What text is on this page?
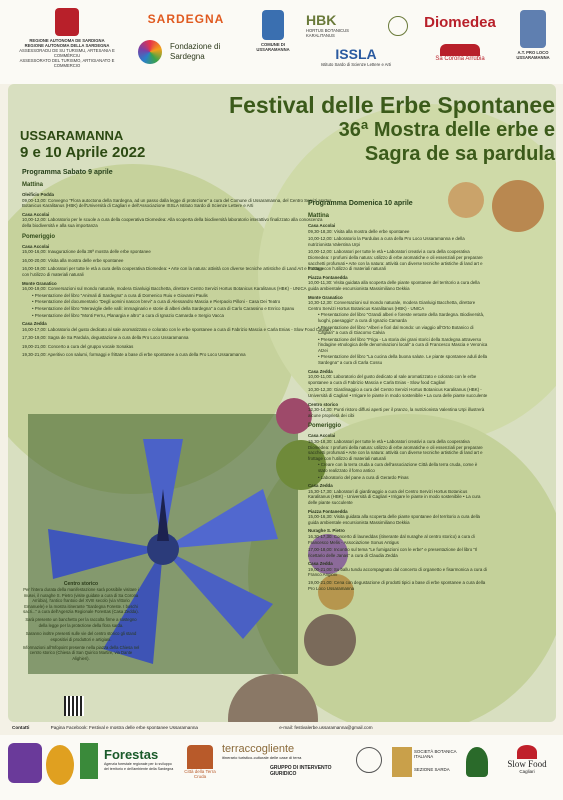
REGIONE AUTONOMA DE SARDIGNA
REGIONE AUTONOMA DELLA SARDEGNA
ASSESSORADU DE SU TURISMU, ARTESANIA E COMMÈRCIU
ASSESSORATO DEL TURISMO, ARTIGIANATO E COMMERCIO
SARDEGNA
Fondazione di Sardegna
COMUNE DI USSARAMANNA
HBK
HORTUS BOTANICUS KARALITANUS
ISSLA
Istituto Sardo di Scienze Lettere e Arti
Diomedea
Sa Corona Arrùbia
A.T. PRO LOCO USSARAMANNA
Festival delle Erbe Spontanee
36ª Mostra delle erbe e
Sagra de sa pardula
USSARAMANNA
9 e 10 Aprile 2022
Programma Sabato 9 aprile
Mattina
Oleificio Podda
09,00-13,00: Convegno "Flora autoctona della Sardegna, ad un passo dalla legge di protezione" a cura del Comune di Ussaramanna, del Centro Servizi Hortus Botanicus Karalitanus (HBK) dell'Università di Cagliari e dell'Associazione ISSLA Istituto Sardo di Scienze Lettere e Arti
Casa Accolai
10,00-12,00: Laboratorio per le scuole a cura della cooperativa Diomedea: Alla scoperta della biodiversità laboratorio interattivo finalizzato alla conoscenza della biodiversità e alla sua importanza
Pomeriggio
Casa Accolai
15,00-16,00: Inaugurazione della 36ª mostra delle erbe spontanee
16,00-20,00: Visita alla mostra delle erbe spontanee
16,00-19,00: Laboratori per tutte le età a cura della cooperativa Diomedea: • Arte con la natura: attività con diverse tecniche artistiche di Land Art e Frottage con l'utilizzo di materiali naturali
Monte Granatico
16,00-19,00: Conversazioni sul mondo naturale, modera Gianluigi Bacchetta, direttore Centro Servizi Hortus Botanicus Karalitanus (HBK) - UNICA
• Presentazione del libro "Animali di Sardegna" a cura di Domenico Ruiu e Giovanni Paulis
• Presentazione del documentario "Degli uomini nascon brevi" a cura di Alessandro Mascia e Pierpaolo Pilloni - Casa Dei Teatro
• Presentazione del libro "Meraviglie delle valli: immaginario e storie di alberi della Sardegna" a cura di Carlo Carassino e Enrico Spanu
• Presentazione del libro "Monti Ferru, Planargia e altro" a cura di Ignazio Camarda e Sergio Vacca
Casa Zedda
16,00-17,00: Laboratorio del gusto dedicato al sale aromatizzato e colorato con le erbe spontanee a cura di Fabrizio Mascia e Carla Enias - Slow Food Cagliari
17,30-19,00: Sagra de Sa Pardula, degustazione a cura della Pro Loco Ussaramanna
19,00-21,00: Concerto a cura del gruppo vocale Sonakas
19,30-21,00: Aperitivo con salumi, formaggi e frittate a base di erbe spontanee a cura della Pro Loco Ussaramanna
Programma Domenica 10 aprile
Mattina
Casa Accolai
09,30-18,30: Visita alla mostra delle erbe spontanee
10,00-12,00: Laboratorio la Pardulas a cura della Pro Loco Ussaramanna e della nutrizionista Valentina Urpi
10,00-12,00: Laboratori per tutte le età • Laboratori creativi a cura della cooperativa Diomedea: I profumi della natura: utilizzo di erbe aromatiche e oli essenziali per preparare sacchetti profumati • Arte con la natura: attività con diverse tecniche artistiche di land art e frottage con l'utilizzo di materiali naturali
Piazza Fontanedda
10,00-11,30: Visita guidata alla scoperta delle piante spontanee del territorio a cura della guida ambientale escursionista Massimiliano Dekkia
Monte Granatico
10,30-12,30: Conversazioni sul mondo naturale, modera Gianluigi Bacchetta, direttore Centro Servizi Hortus Botanicus Karalitanus (HBK) - UNICA
• Presentazione del libro "Grandi alberi e foreste vetuste della Sardegna. Biodiversità, luoghi, paesaggio" a cura di Ignazio Camarda
• Presentazione del libro "Alberi e fiori dal mondo: un viaggio all'Orto Botanico di Cagliari" a cura di Giacomo Calvia
• Presentazione del libro "Frigu - La storia dei grani storici della Sardegna attraverso l'indagine etnologica delle denominazioni locali" a cura di Francesco Mascia e Veronica Atzei
• Presentazione del libro "La cucina della buona salute. Le piante spontanee aduli della Sardegna" a cura di Carla Cossu
Casa Zedda
10,00-11,00: Laboratorio del gusto dedicato al sale aromatizzato e colorato con le erbe spontanee a cura di Fabrizio Mascia e Carla Enias - Slow food Cagliari
10,30-12,30: Giardinaggio a cura del Centro Servizi Hortus Botanicus Karalitanus (HBK) - Università di Cagliari • Irrigare le piante in modo sostenibile • La cura delle piante succulente
Centro storico
12,30-14,30: Punti ristoro diffusi aperti per il pranzo, la nutrizionista Valentina Urpi illustrerà alcune proprietà dei cibi
Pomeriggio
Casa Accolai
15,30-18,30: Laboratori per tutte le età • Laboratori creativi a cura della cooperativa Diomedea: I profumi della natura: utilizzo di erbe aromatiche e oli essenziali per preparare sacchetti profumati • Arte con la natura: attività con diverse tecniche artistiche di land art e frottage con l'utilizzo di materiali naturali
• Creare con la terra cruda a cura dell'associazione Città della terra cruda, come è stato realizzato il forno antico
• Laboratorio del pane a cura di Gerardo Pinas
Casa Zedda
15,30-17,30: Laboratori di giardinaggio a cura del Centro Servizi Hortus Botanicus Karalitanus (HBK) - Università di Cagliari • Irrigare le piante in modo sostenibile • La cura delle piante succulente
Piazza Fontanedda
15,00-16,30: Visita guidata alla scoperta delle piante spontanee del territorio a cura della guida ambientale escursionista Massimiliano Dekkia
Nuraghe S. Pietro
16,30-17,30: Concerto di launeddas (itinerante dal nuraghe al centro storico) a cura di Francesco Melis - Associazione Sonus Antigus
17,00-18,00: Incontro sul tema "Le fumigazioni con le erbe" e presentazione del libro "Il ricettario delle Janas" a cura di Claudia Zedda
Casa Zedda
19,00-21,00: Su ballu tundu accompagnato dal concerto di organetto e fisarmonica a cura di Franco Angioni
19,00-21,00: Cena con degustazione di prodotti tipici a base di erbe spontanee a cura della Pro Loco Ussaramanna
Centro storico
Per l'intera durata della manifestazione sarà possibile visitare i musei, il nuraghe S. Pietro (visite guidate a cura di Sa Corona Arrùbia), l'antico frantoio del XVIII secolo (via Vittorio Emanuele) e la mostra itinerante "Sardegna Foreste. I boschi sacri..." a cura dell'Agenzia Regionale Forestas (Casa Zedda).
Sarà presente un banchetto per la raccolta firme a sostegno della legge per la protezione della flora sarda.
Saranno inoltre presenti sulle vie del centro storico gli stand espositivi di produttori e artigiani.
Informazioni all'Infopoint presente nella piazza della Chiesa nel centro storico (Chiesa di San Quirico Martire, via Dante Alighieri).
Contatti	Pagina Facebook: Festival e mostra delle erbe spontanee Ussaramanna	e-mail: festivalerbe.ussaramanna@gmail.com
Forestas
Agenzia forestale regionale per lo sviluppo del territorio e dell'ambiente della Sardegna
Città della Terra Cruda
terraccogliente
itinerario turistico-culturale delle case di terra
GRUPPO DI INTERVENTO GIURIDICO
SOCIETÀ BOTANICA ITALIANA
SEZIONE SARDA
Slow Food
Cagliari
